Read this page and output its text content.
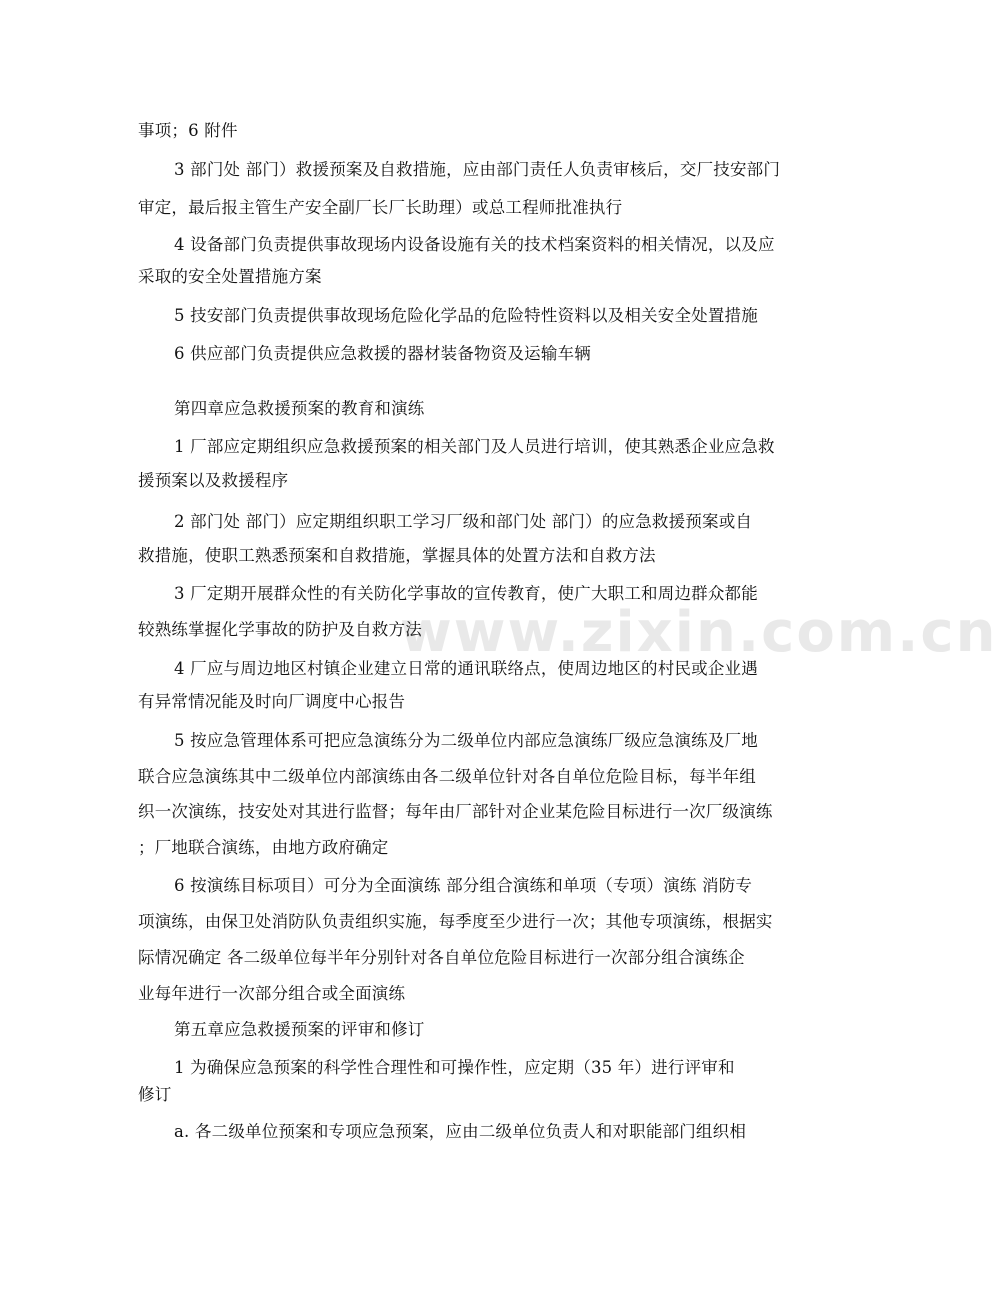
www.zixin.com.cn
事项；6 附件
3 部门处 部门）救援预案及自救措施，应由部门责任人负责审核后，交厂技安部门
审定，最后报主管生产安全副厂长厂长助理）或总工程师批准执行
4 设备部门负责提供事故现场内设备设施有关的技术档案资料的相关情况，以及应
采取的安全处置措施方案
5 技安部门负责提供事故现场危险化学品的危险特性资料以及相关安全处置措施
6 供应部门负责提供应急救援的器材装备物资及运输车辆
第四章应急救援预案的教育和演练
1 厂部应定期组织应急救援预案的相关部门及人员进行培训，使其熟悉企业应急救
援预案以及救援程序
2 部门处 部门）应定期组织职工学习厂级和部门处 部门）的应急救援预案或自
救措施，使职工熟悉预案和自救措施，掌握具体的处置方法和自救方法
3 厂定期开展群众性的有关防化学事故的宣传教育，使广大职工和周边群众都能
较熟练掌握化学事故的防护及自救方法
4 厂应与周边地区村镇企业建立日常的通讯联络点，使周边地区的村民或企业遇
有异常情况能及时向厂调度中心报告
5 按应急管理体系可把应急演练分为二级单位内部应急演练厂级应急演练及厂地
联合应急演练其中二级单位内部演练由各二级单位针对各自单位危险目标，每半年组
织一次演练，技安处对其进行监督；每年由厂部针对企业某危险目标进行一次厂级演练
；厂地联合演练，由地方政府确定
6 按演练目标项目）可分为全面演练 部分组合演练和单项（专项）演练 消防专
项演练，由保卫处消防队负责组织实施，每季度至少进行一次；其他专项演练，根据实
际情况确定 各二级单位每半年分别针对各自单位危险目标进行一次部分组合演练企
业每年进行一次部分组合或全面演练
第五章应急救援预案的评审和修订
1 为确保应急预案的科学性合理性和可操作性，应定期（35 年）进行评审和
修订
a. 各二级单位预案和专项应急预案，应由二级单位负责人和对职能部门组织相
